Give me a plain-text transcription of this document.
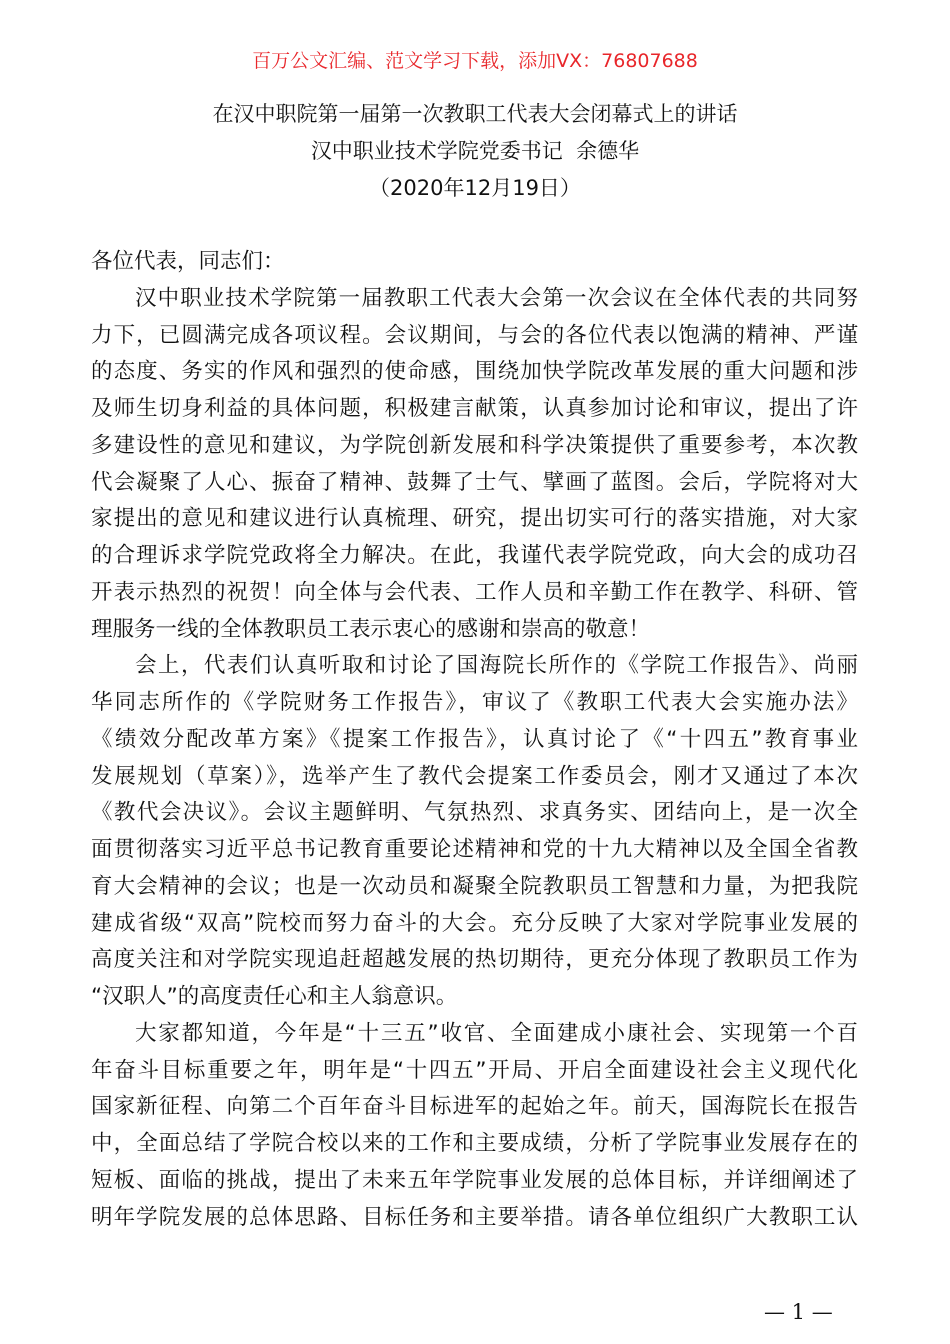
百万公文汇编、范文学习下载，添加VX：76807688
在汉中职院第一届第一次教职工代表大会闭幕式上的讲话
汉中职业技术学院党委书记  余德华
（2020年12月19日）
各位代表，同志们：
汉中职业技术学院第一届教职工代表大会第一次会议在全体代表的共同努
力下，已圆满完成各项议程。会议期间，与会的各位代表以饱满的精神、严谨
的态度、务实的作风和强烈的使命感，围绕加快学院改革发展的重大问题和涉
及师生切身利益的具体问题，积极建言献策，认真参加讨论和审议，提出了许
多建设性的意见和建议，为学院创新发展和科学决策提供了重要参考，本次教
代会凝聚了人心、振奋了精神、鼓舞了士气、擘画了蓝图。会后，学院将对大
家提出的意见和建议进行认真梳理、研究，提出切实可行的落实措施，对大家
的合理诉求学院党政将全力解决。在此，我谨代表学院党政，向大会的成功召
开表示热烈的祝贺！向全体与会代表、工作人员和辛勤工作在教学、科研、管
理服务一线的全体教职员工表示衷心的感谢和崇高的敬意！
会上，代表们认真听取和讨论了国海院长所作的《学院工作报告》、尚丽
华同志所作的《学院财务工作报告》，审议了《教职工代表大会实施办法》
《绩效分配改革方案》《提案工作报告》，认真讨论了《“十四五”教育事业
发展规划（草案）》，选举产生了教代会提案工作委员会，刚才又通过了本次
《教代会决议》。会议主题鲜明、气氛热烈、求真务实、团结向上，是一次全
面贯彻落实习近平总书记教育重要论述精神和党的十九大精神以及全国全省教
育大会精神的会议；也是一次动员和凝聚全院教职员工智慧和力量，为把我院
建成省级“双高”院校而努力奋斗的大会。充分反映了大家对学院事业发展的
高度关注和对学院实现追赶超越发展的热切期待，更充分体现了教职员工作为
“汉职人”的高度责任心和主人翁意识。
大家都知道，今年是“十三五”收官、全面建成小康社会、实现第一个百
年奋斗目标重要之年，明年是“十四五”开局、开启全面建设社会主义现代化
国家新征程、向第二个百年奋斗目标进军的起始之年。前天，国海院长在报告
中，全面总结了学院合校以来的工作和主要成绩，分析了学院事业发展存在的
短板、面临的挑战，提出了未来五年学院事业发展的总体目标，并详细阐述了
明年学院发展的总体思路、目标任务和主要举措。请各单位组织广大教职工认
— 1 —
